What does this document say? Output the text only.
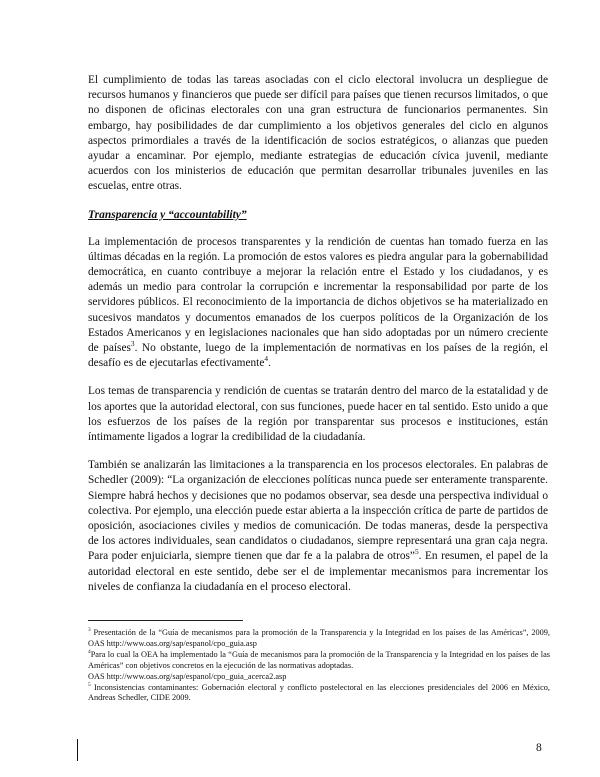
El cumplimiento de todas las tareas asociadas con el ciclo electoral involucra un despliegue de recursos humanos y financieros que puede ser difícil para países que tienen recursos limitados, o que no disponen de oficinas electorales con una gran estructura de funcionarios permanentes. Sin embargo, hay posibilidades de dar cumplimiento a los objetivos generales del ciclo en algunos aspectos primordiales a través de la identificación de socios estratégicos, o alianzas que pueden ayudar a encaminar. Por ejemplo, mediante estrategias de educación cívica juvenil, mediante acuerdos con los ministerios de educación que permitan desarrollar tribunales juveniles en las escuelas, entre otras.

Transparencia y “accountability”

La implementación de procesos transparentes y la rendición de cuentas han tomado fuerza en las últimas décadas en la región. La promoción de estos valores es piedra angular para la gobernabilidad democrática, en cuanto contribuye a mejorar la relación entre el Estado y los ciudadanos, y es además un medio para controlar la corrupción e incrementar la responsabilidad por parte de los servidores públicos. El reconocimiento de la importancia de dichos objetivos se ha materializado en sucesivos mandatos y documentos emanados de los cuerpos políticos de la Organización de los Estados Americanos y en legislaciones nacionales que han sido adoptadas por un número creciente de países$^3$. No obstante, luego de la implementación de normativas en los países de la región, el desafío es de ejecutarlas efectivamente$^4$.

Los temas de transparencia y rendición de cuentas se tratarán dentro del marco de la estatalidad y de los aportes que la autoridad electoral, con sus funciones, puede hacer en tal sentido. Esto unido a que los esfuerzos de los países de la región por transparentar sus procesos e instituciones, están íntimamente ligados a lograr la credibilidad de la ciudadanía.

También se analizarán las limitaciones a la transparencia en los procesos electorales. En palabras de Schedler (2009): “La organización de elecciones políticas nunca puede ser enteramente transparente. Siempre habrá hechos y decisiones que no podamos observar, sea desde una perspectiva individual o colectiva. Por ejemplo, una elección puede estar abierta a la inspección crítica de parte de partidos de oposición, asociaciones civiles y medios de comunicación. De todas maneras, desde la perspectiva de los actores individuales, sean candidatos o ciudadanos, siempre representará una gran caja negra. Para poder enjuiciarla, siempre tienen que dar fe a la palabra de otros”$^5$. En resumen, el papel de la autoridad electoral en este sentido, debe ser el de implementar mecanismos para incrementar los niveles de confianza la ciudadanía en el proceso electoral.

$^3$ Presentación de la “Guía de mecanismos para la promoción de la Transparencia y la Integridad en los países de las Américas”, 2009, OAS http://www.oas.org/sap/espanol/cpo_guia.asp

$^4$Para lo cual la OEA ha implementado la “Guía de mecanismos para la promoción de la Transparencia y la Integridad en los países de las Américas” con objetivos concretos en la ejecución de las normativas adoptadas.

OAS http://www.oas.org/sap/espanol/cpo_guia_acerca2.asp

$^5$ Inconsistencias contaminantes: Gobernación electoral y conflicto postelectoral en las elecciones presidenciales del 2006 en México, Andreas Schedler, CIDE 2009.

8
